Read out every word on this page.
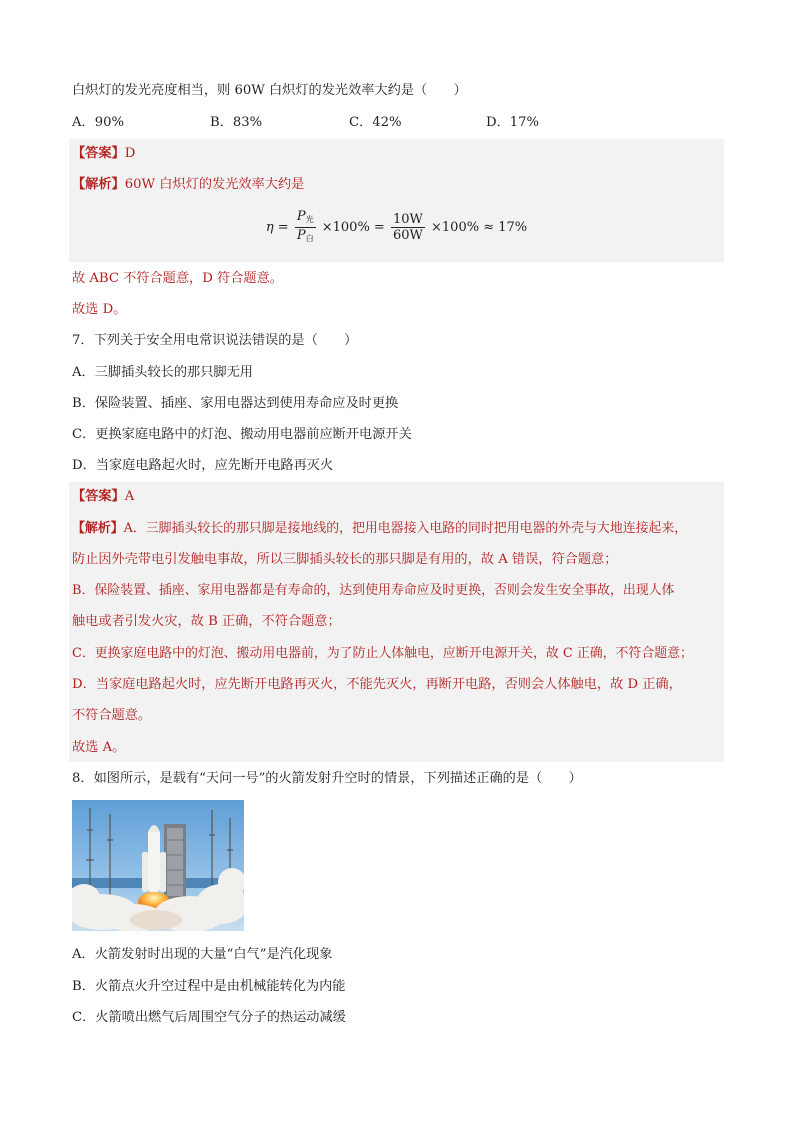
白炽灯的发光亮度相当，则 60W 白炽灯的发光效率大约是（　　）
A．90%	B．83%	C．42%	D．17%
$\eta = \frac{P_光}{P_白} \times 100\% = \frac{10W}{60W} \times 100\% \approx 17\%$
【答案】D
【解析】60W 白炽灯的发光效率大约是
故 ABC 不符合题意，D 符合题意。
故选 D。
7．下列关于安全用电常识说法错误的是（　　）
A．三脚插头较长的那只脚无用
B．保险装置、插座、家用电器达到使用寿命应及时更换
C．更换家庭电路中的灯泡、搬动用电器前应断开电源开关
D．当家庭电路起火时，应先断开电路再灭火
【答案】A
【解析】A．三脚插头较长的那只脚是接地线的，把用电器接入电路的同时把用电器的外壳与大地连接起来，
防止因外壳带电引发触电事故，所以三脚插头较长的那只脚是有用的，故 A 错误，符合题意；
B．保险装置、插座、家用电器都是有寿命的，达到使用寿命应及时更换，否则会发生安全事故，出现人体
触电或者引发火灾，故 B 正确，不符合题意；
C．更换家庭电路中的灯泡、搬动用电器前，为了防止人体触电，应断开电源开关，故 C 正确，不符合题意；
D．当家庭电路起火时，应先断开电路再灭火，不能先灭火，再断开电路，否则会人体触电，故 D 正确，
不符合题意。
故选 A。
8．如图所示，是载有“天问一号”的火箭发射升空时的情景，下列描述正确的是（　　）
A．火箭发射时出现的大量“白气”是汽化现象
B．火箭点火升空过程中是由机械能转化为内能
C．火箭喷出燃气后周围空气分子的热运动减缓
